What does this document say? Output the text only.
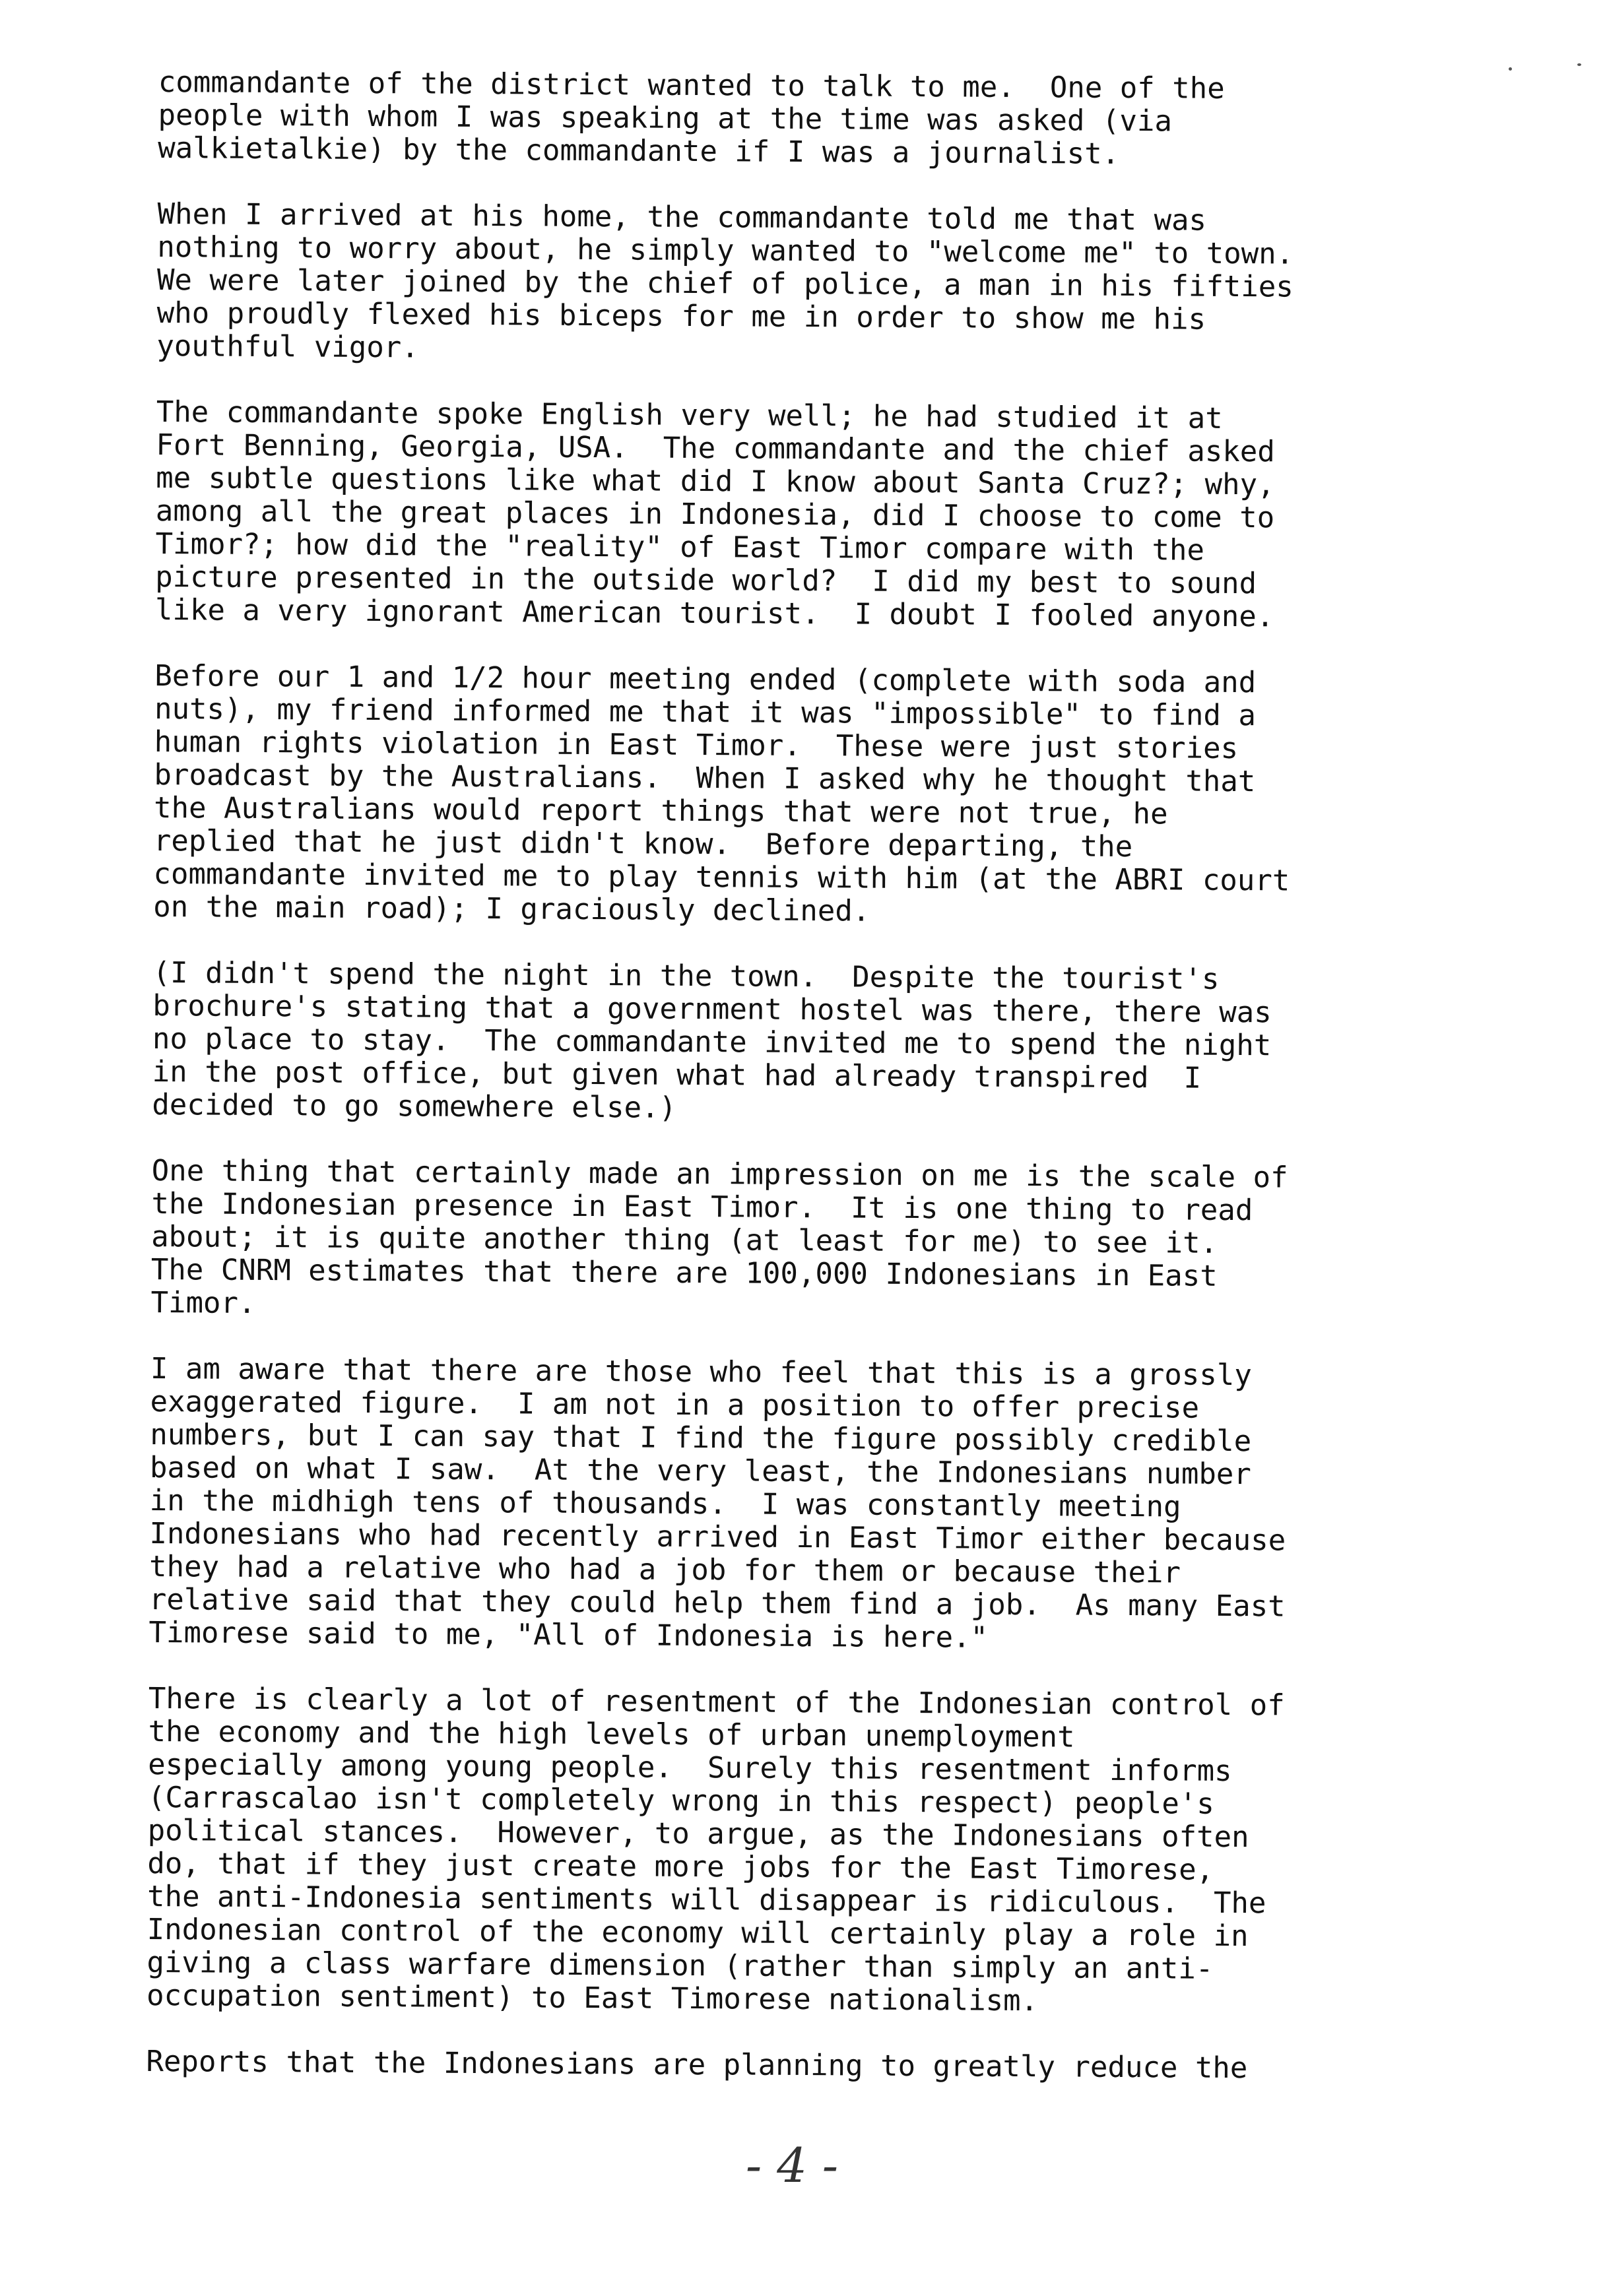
commandante of the district wanted to talk to me.  One of the
people with whom I was speaking at the time was asked (via
walkietalkie) by the commandante if I was a journalist.
When I arrived at his home, the commandante told me that was
nothing to worry about, he simply wanted to "welcome me" to town.
We were later joined by the chief of police, a man in his fifties
who proudly flexed his biceps for me in order to show me his
youthful vigor.
The commandante spoke English very well; he had studied it at
Fort Benning, Georgia, USA.  The commandante and the chief asked
me subtle questions like what did I know about Santa Cruz?; why,
among all the great places in Indonesia, did I choose to come to
Timor?; how did the "reality" of East Timor compare with the
picture presented in the outside world?  I did my best to sound
like a very ignorant American tourist.  I doubt I fooled anyone.
Before our 1 and 1/2 hour meeting ended (complete with soda and
nuts), my friend informed me that it was "impossible" to find a
human rights violation in East Timor.  These were just stories
broadcast by the Australians.  When I asked why he thought that
the Australians would report things that were not true, he
replied that he just didn't know.  Before departing, the
commandante invited me to play tennis with him (at the ABRI court
on the main road); I graciously declined.
(I didn't spend the night in the town.  Despite the tourist's
brochure's stating that a government hostel was there, there was
no place to stay.  The commandante invited me to spend the night
in the post office, but given what had already transpired  I
decided to go somewhere else.)
One thing that certainly made an impression on me is the scale of
the Indonesian presence in East Timor.  It is one thing to read
about; it is quite another thing (at least for me) to see it.
The CNRM estimates that there are 100,000 Indonesians in East
Timor.
I am aware that there are those who feel that this is a grossly
exaggerated figure.  I am not in a position to offer precise
numbers, but I can say that I find the figure possibly credible
based on what I saw.  At the very least, the Indonesians number
in the midhigh tens of thousands.  I was constantly meeting
Indonesians who had recently arrived in East Timor either because
they had a relative who had a job for them or because their
relative said that they could help them find a job.  As many East
Timorese said to me, "All of Indonesia is here."
There is clearly a lot of resentment of the Indonesian control of
the economy and the high levels of urban unemployment
especially among young people.  Surely this resentment informs
(Carrascalao isn't completely wrong in this respect) people's
political stances.  However, to argue, as the Indonesians often
do, that if they just create more jobs for the East Timorese,
the anti-Indonesia sentiments will disappear is ridiculous.  The
Indonesian control of the economy will certainly play a role in
giving a class warfare dimension (rather than simply an anti-
occupation sentiment) to East Timorese nationalism.
Reports that the Indonesians are planning to greatly reduce the
- 4 -
